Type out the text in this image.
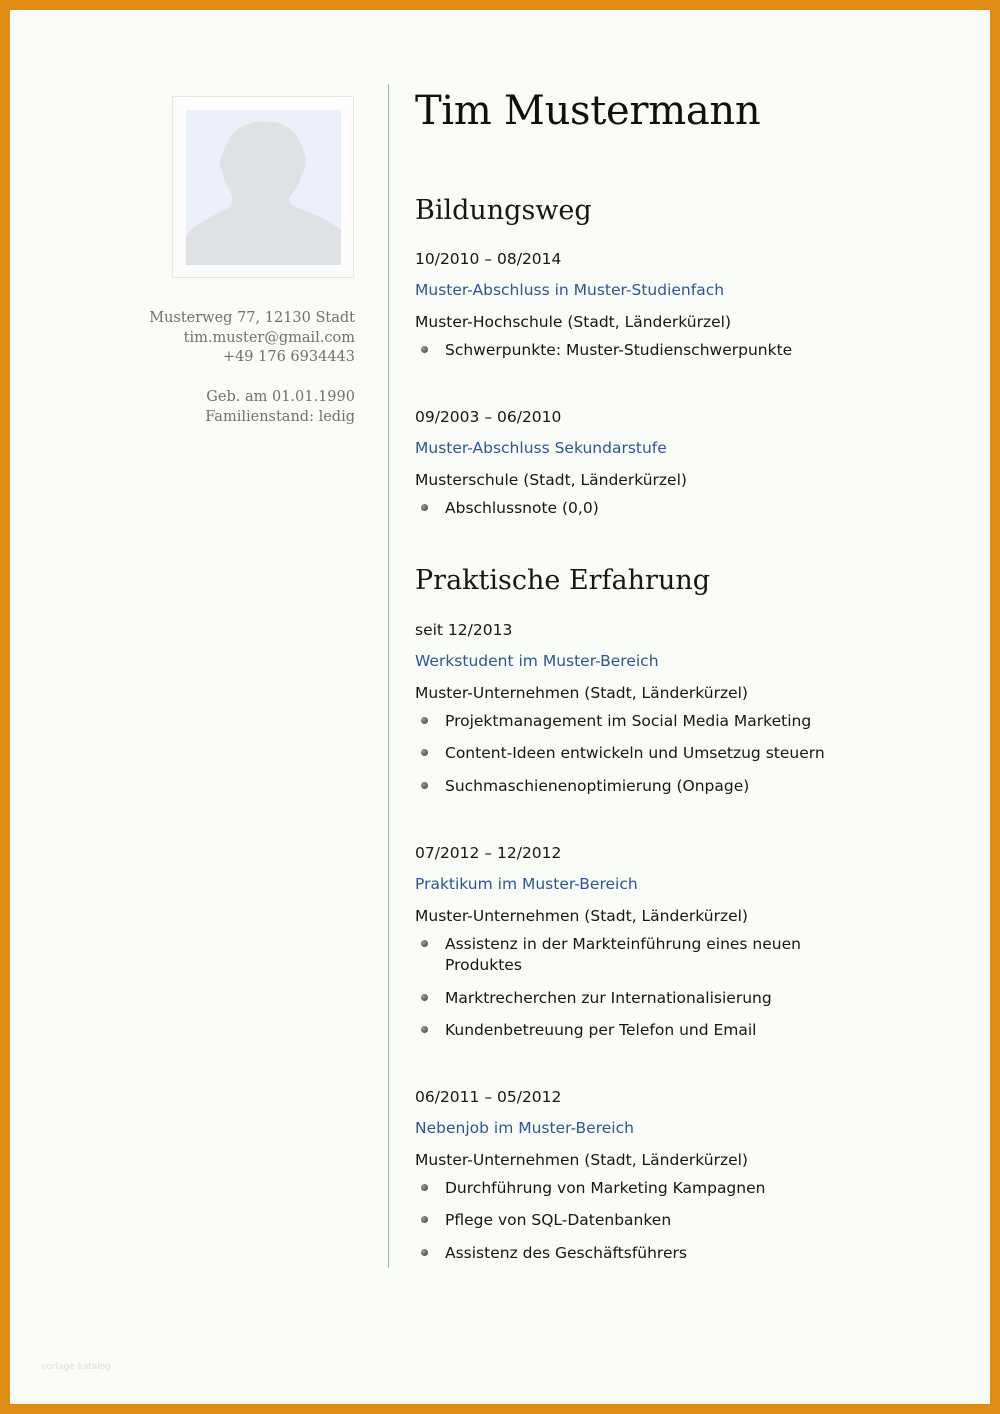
Musterweg 77, 12130 Stadt
tim.muster@gmail.com
+49 176 6934443
Geb. am 01.01.1990
Familienstand: ledig
Tim Mustermann
Bildungsweg
10/2010 – 08/2014
Muster-Abschluss in Muster-Studienfach
Muster-Hochschule (Stadt, Länderkürzel)
Schwerpunkte: Muster-Studienschwerpunkte
09/2003 – 06/2010
Muster-Abschluss Sekundarstufe
Musterschule (Stadt, Länderkürzel)
Abschlussnote (0,0)
Praktische Erfahrung
seit 12/2013
Werkstudent im Muster-Bereich
Muster-Unternehmen (Stadt, Länderkürzel)
Projektmanagement im Social Media Marketing
Content-Ideen entwickeln und Umsetzug steuern
Suchmaschienenoptimierung (Onpage)
07/2012 – 12/2012
Praktikum im Muster-Bereich
Muster-Unternehmen (Stadt, Länderkürzel)
Assistenz in der Markteinführung eines neuen Produktes
Marktrecherchen zur Internationalisierung
Kundenbetreuung per Telefon und Email
06/2011 – 05/2012
Nebenjob im Muster-Bereich
Muster-Unternehmen (Stadt, Länderkürzel)
Durchführung von Marketing Kampagnen
Pflege von SQL-Datenbanken
Assistenz des Geschäftsführers
vorlage katalog
